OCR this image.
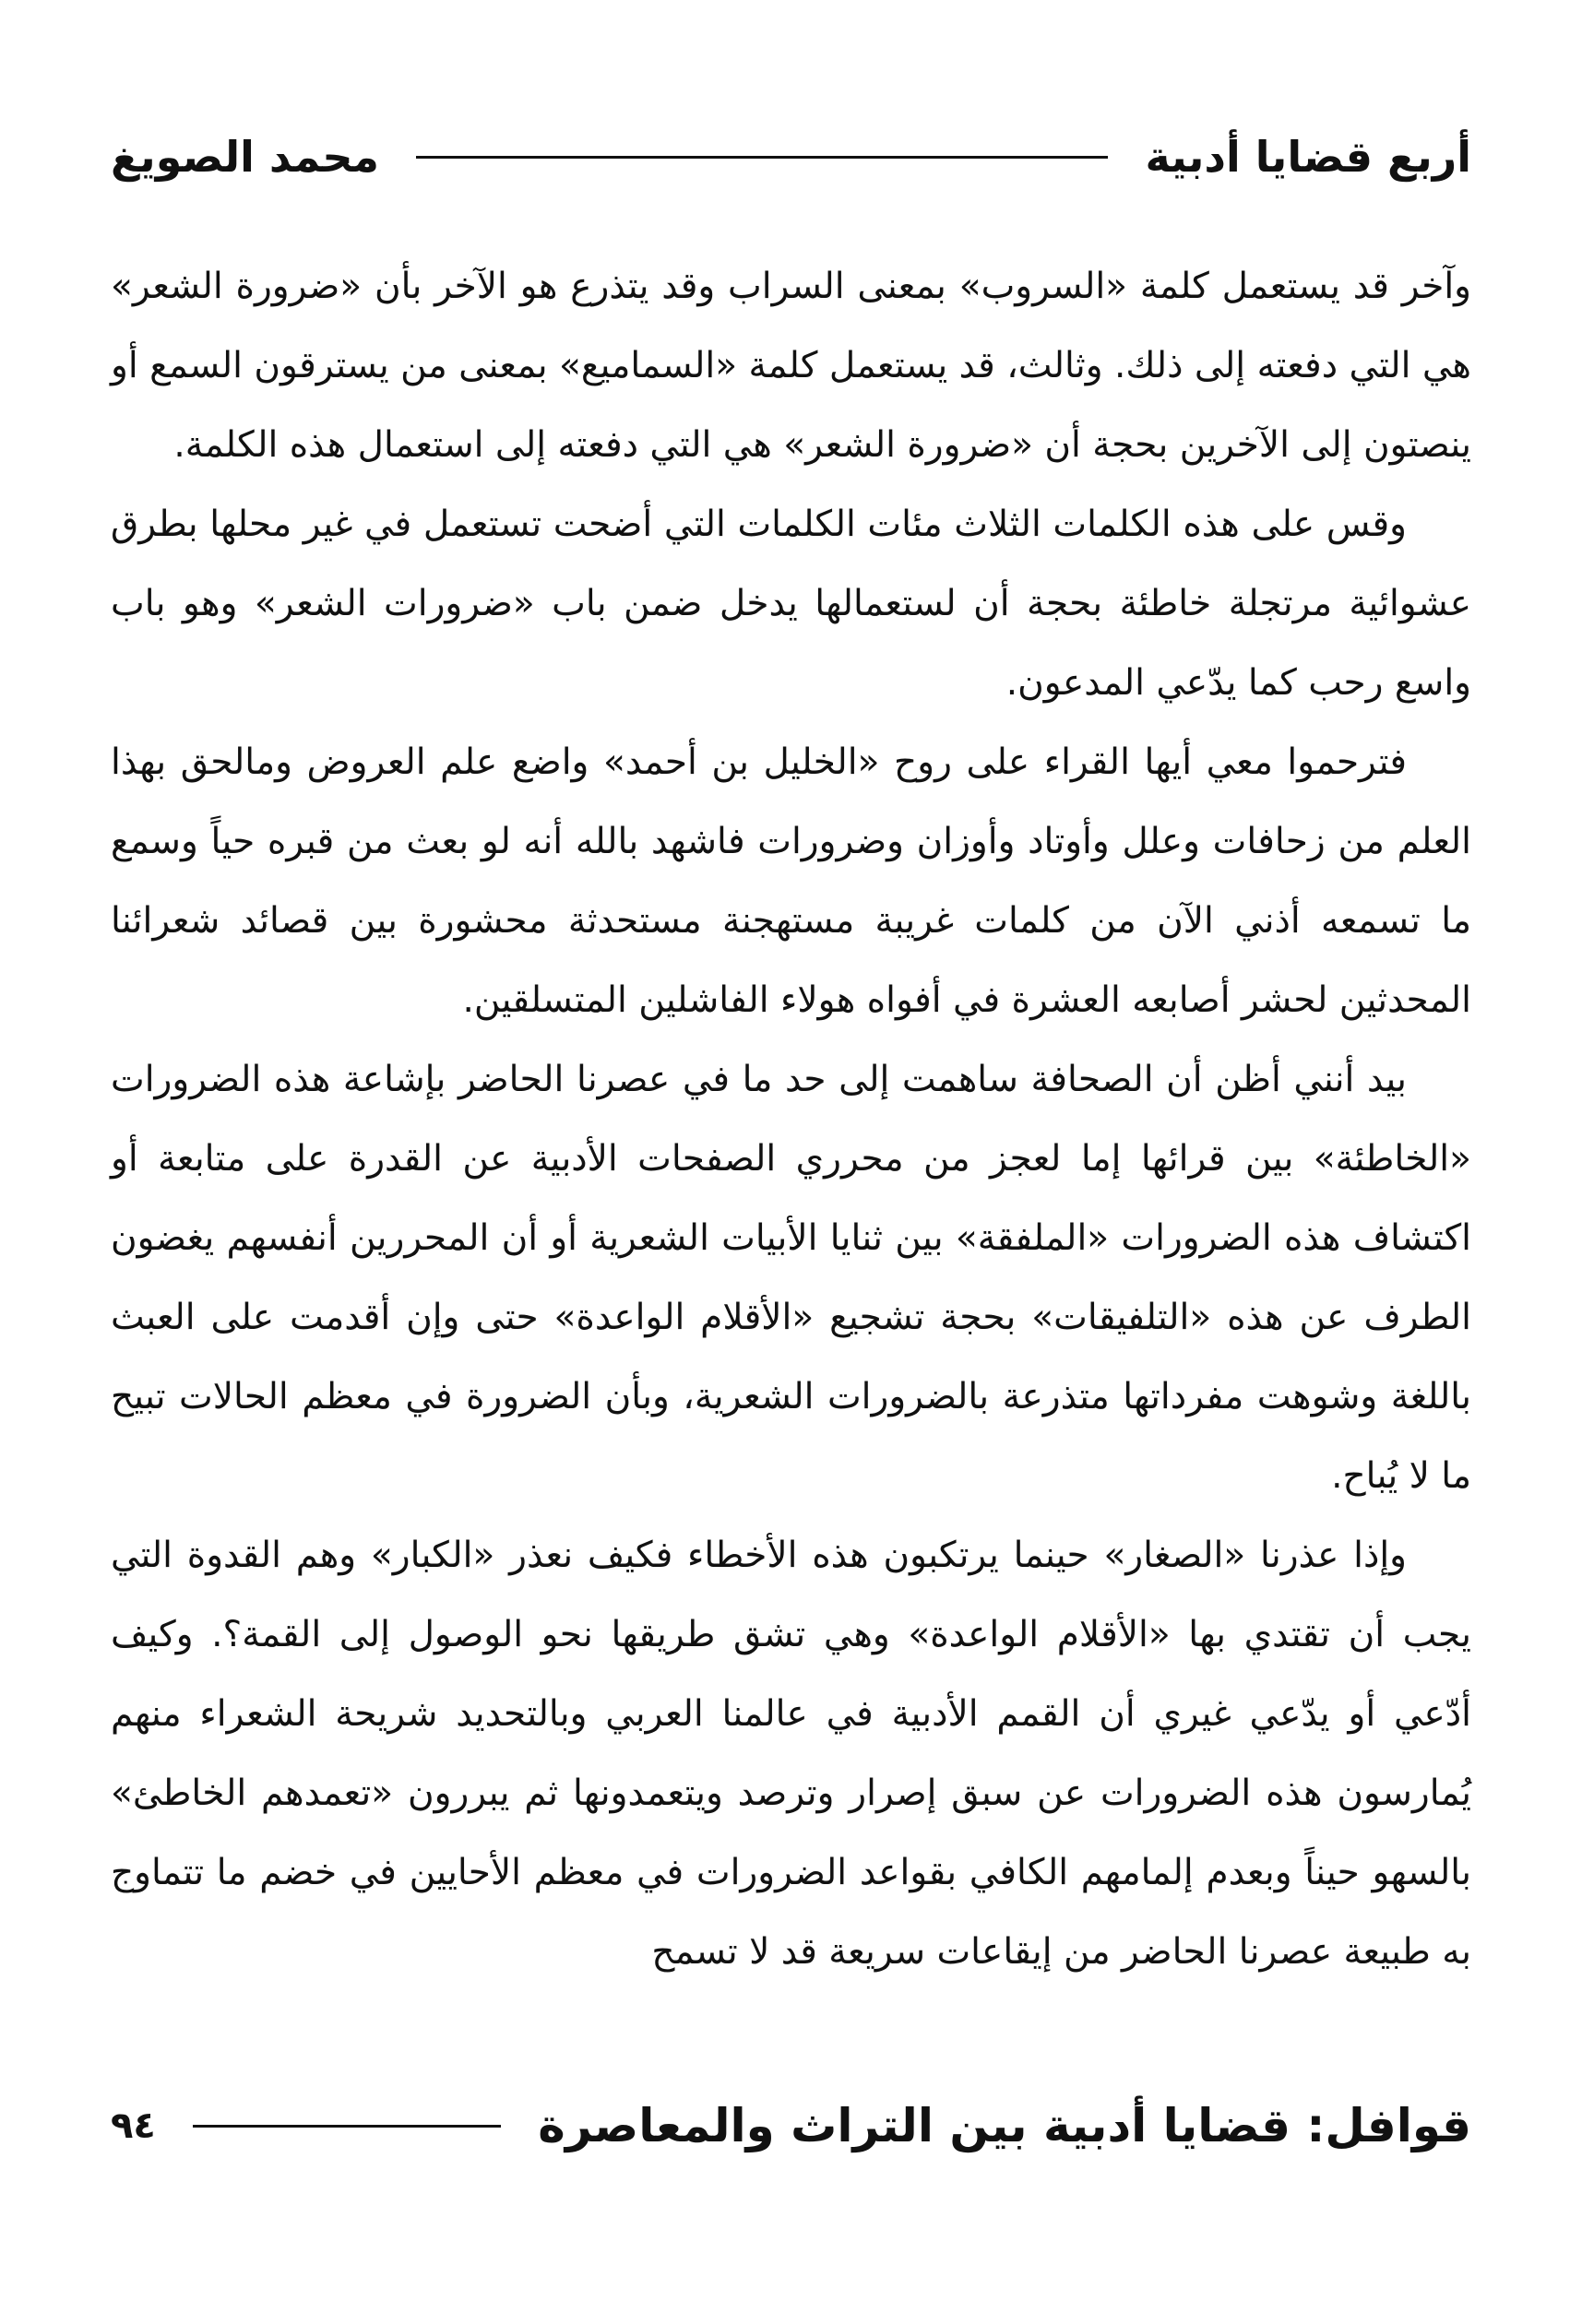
أربع قضايا أدبية
محمد الصويغ

وآخر قد يستعمل كلمة «السروب» بمعنى السراب وقد يتذرع هو الآخر بأن «ضرورة الشعر» هي التي دفعته إلى ذلك. وثالث، قد يستعمل كلمة «السماميع» بمعنى من يسترقون السمع أو ينصتون إلى الآخرين بحجة أن «ضرورة الشعر» هي التي دفعته إلى استعمال هذه الكلمة.

وقس على هذه الكلمات الثلاث مئات الكلمات التي أضحت تستعمل في غير محلها بطرق عشوائية مرتجلة خاطئة بحجة أن لستعمالها يدخل ضمن باب «ضرورات الشعر» وهو باب واسع رحب كما يدّعي المدعون.

فترحموا معي أيها القراء على روح «الخليل بن أحمد» واضع علم العروض ومالحق بهذا العلم من زحافات وعلل وأوتاد وأوزان وضرورات فاشهد بالله أنه لو بعث من قبره حياً وسمع ما تسمعه أذني الآن من كلمات غريبة مستهجنة مستحدثة محشورة بين قصائد شعرائنا المحدثين لحشر أصابعه العشرة في أفواه هولاء الفاشلين المتسلقين.

بيد أنني أظن أن الصحافة ساهمت إلى حد ما في عصرنا الحاضر بإشاعة هذه الضرورات «الخاطئة» بين قرائها إما لعجز من محرري الصفحات الأدبية عن القدرة على متابعة أو اكتشاف هذه الضرورات «الملفقة» بين ثنايا الأبيات الشعرية أو أن المحررين أنفسهم يغضون الطرف عن هذه «التلفيقات» بحجة تشجيع «الأقلام الواعدة» حتى وإن أقدمت على العبث باللغة وشوهت مفرداتها متذرعة بالضرورات الشعرية، وبأن الضرورة في معظم الحالات تبيح ما لا يُباح.

وإذا عذرنا «الصغار» حينما يرتكبون هذه الأخطاء فكيف نعذر «الكبار» وهم القدوة التي يجب أن تقتدي بها «الأقلام الواعدة» وهي تشق طريقها نحو الوصول إلى القمة؟. وكيف أدّعي أو يدّعي غيري أن القمم الأدبية في عالمنا العربي وبالتحديد شريحة الشعراء منهم يُمارسون هذه الضرورات عن سبق إصرار وترصد ويتعمدونها ثم يبررون «تعمدهم الخاطئ» بالسهو حيناً وبعدم إلمامهم الكافي بقواعد الضرورات في معظم الأحايين في خضم ما تتماوج به طبيعة عصرنا الحاضر من إيقاعات سريعة قد لا تسمح

قوافل: قضايا أدبية بين التراث والمعاصرة
٩٤
